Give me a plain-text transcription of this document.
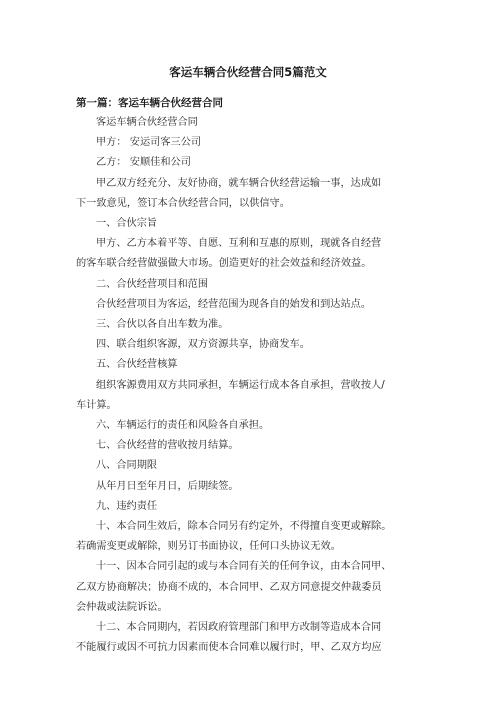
客运车辆合伙经营合同5篇范文
第一篇：客运车辆合伙经营合同
客运车辆合伙经营合同
甲方： 安运司客三公司
乙方： 安顺佳和公司
甲乙双方经充分、友好协商，就车辆合伙经营运输一事，达成如
下一致意见，签订本合伙经营合同，以供信守。
一、合伙宗旨
甲方、乙方本着平等、自愿、互利和互惠的原则，现就各自经营
的客车联合经营做强做大市场。创造更好的社会效益和经济效益。
二、合伙经营项目和范围
合伙经营项目为客运，经营范围为现各自的始发和到达站点。
三、合伙以各自出车数为准。
四、联合组织客源，双方资源共享，协商发车。
五、合伙经营核算
组织客源费用双方共同承担，车辆运行成本各自承担，营收按人/
车计算。
六、车辆运行的责任和风险各自承担。
七、合伙经营的营收按月结算。
八、合同期限
从年月日至年月日，后期续签。
九、违约责任
十、本合同生效后，除本合同另有约定外，不得擅自变更或解除。
若确需变更或解除，则另订书面协议，任何口头协议无效。
十一、因本合同引起的或与本合同有关的任何争议，由本合同甲、
乙双方协商解决；协商不成的，本合同甲、乙双方同意提交仲裁委员
会仲裁或法院诉讼。
十二、本合同期内，若因政府管理部门和甲方改制等造成本合同
不能履行或因不可抗力因素而使本合同难以履行时，甲、乙双方均应
